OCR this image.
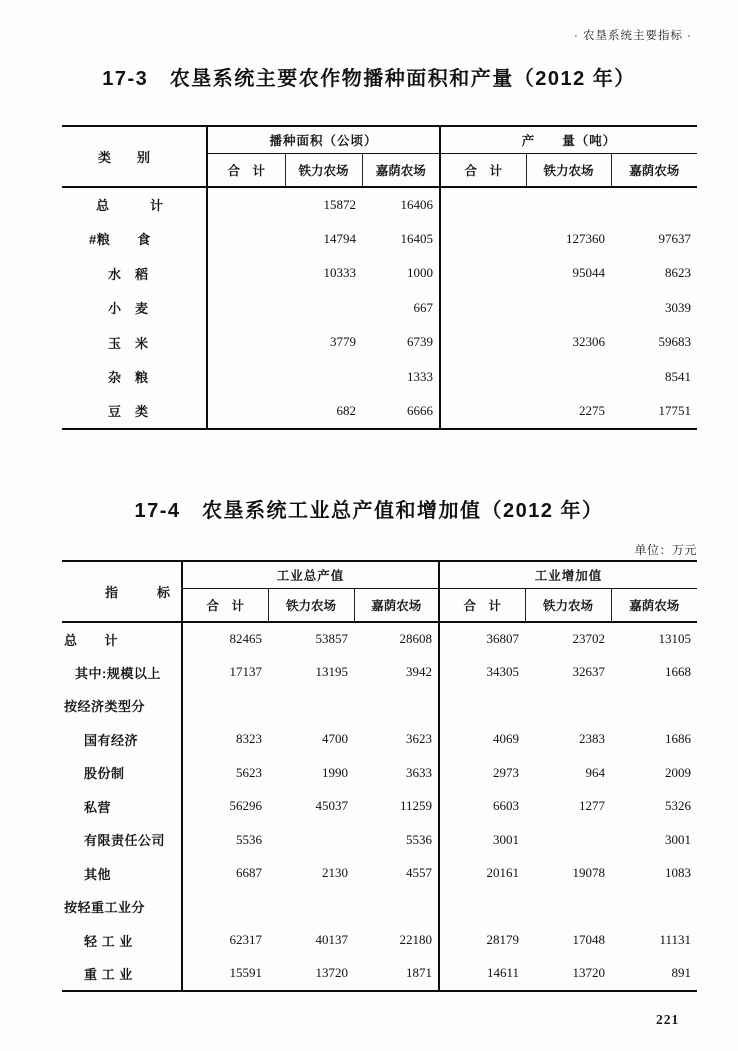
· 农垦系统主要指标 ·
17-3　农垦系统主要农作物播种面积和产量（2012 年）
类　　别	播种面积（公顷）			产　　量（吨）		
	合　计	铁力农场	嘉荫农场	合　计	铁力农场	嘉荫农场
总　　　计		15872	16406			
#粮　　食		14794	16405		127360	97637
水　稻		10333	1000		95044	8623
小　麦			667			3039
玉　米		3779	6739		32306	59683
杂　粮			1333			8541
豆　类		682	6666		2275	17751
17-4　农垦系统工业总产值和增加值（2012 年）
单位：万元
指　　　标	工业总产值			工业增加值		
	合　计	铁力农场	嘉荫农场	合　计	铁力农场	嘉荫农场
总　　计	82465	53857	28608	36807	23702	13105
其中:规模以上	17137	13195	3942	34305	32637	1668
按经济类型分						
国有经济	8323	4700	3623	4069	2383	1686
股份制	5623	1990	3633	2973	964	2009
私营	56296	45037	11259	6603	1277	5326
有限责任公司	5536		5536	3001		3001
其他	6687	2130	4557	20161	19078	1083
按轻重工业分						
轻 工 业	62317	40137	22180	28179	17048	11131
重 工 业	15591	13720	1871	14611	13720	891
221
